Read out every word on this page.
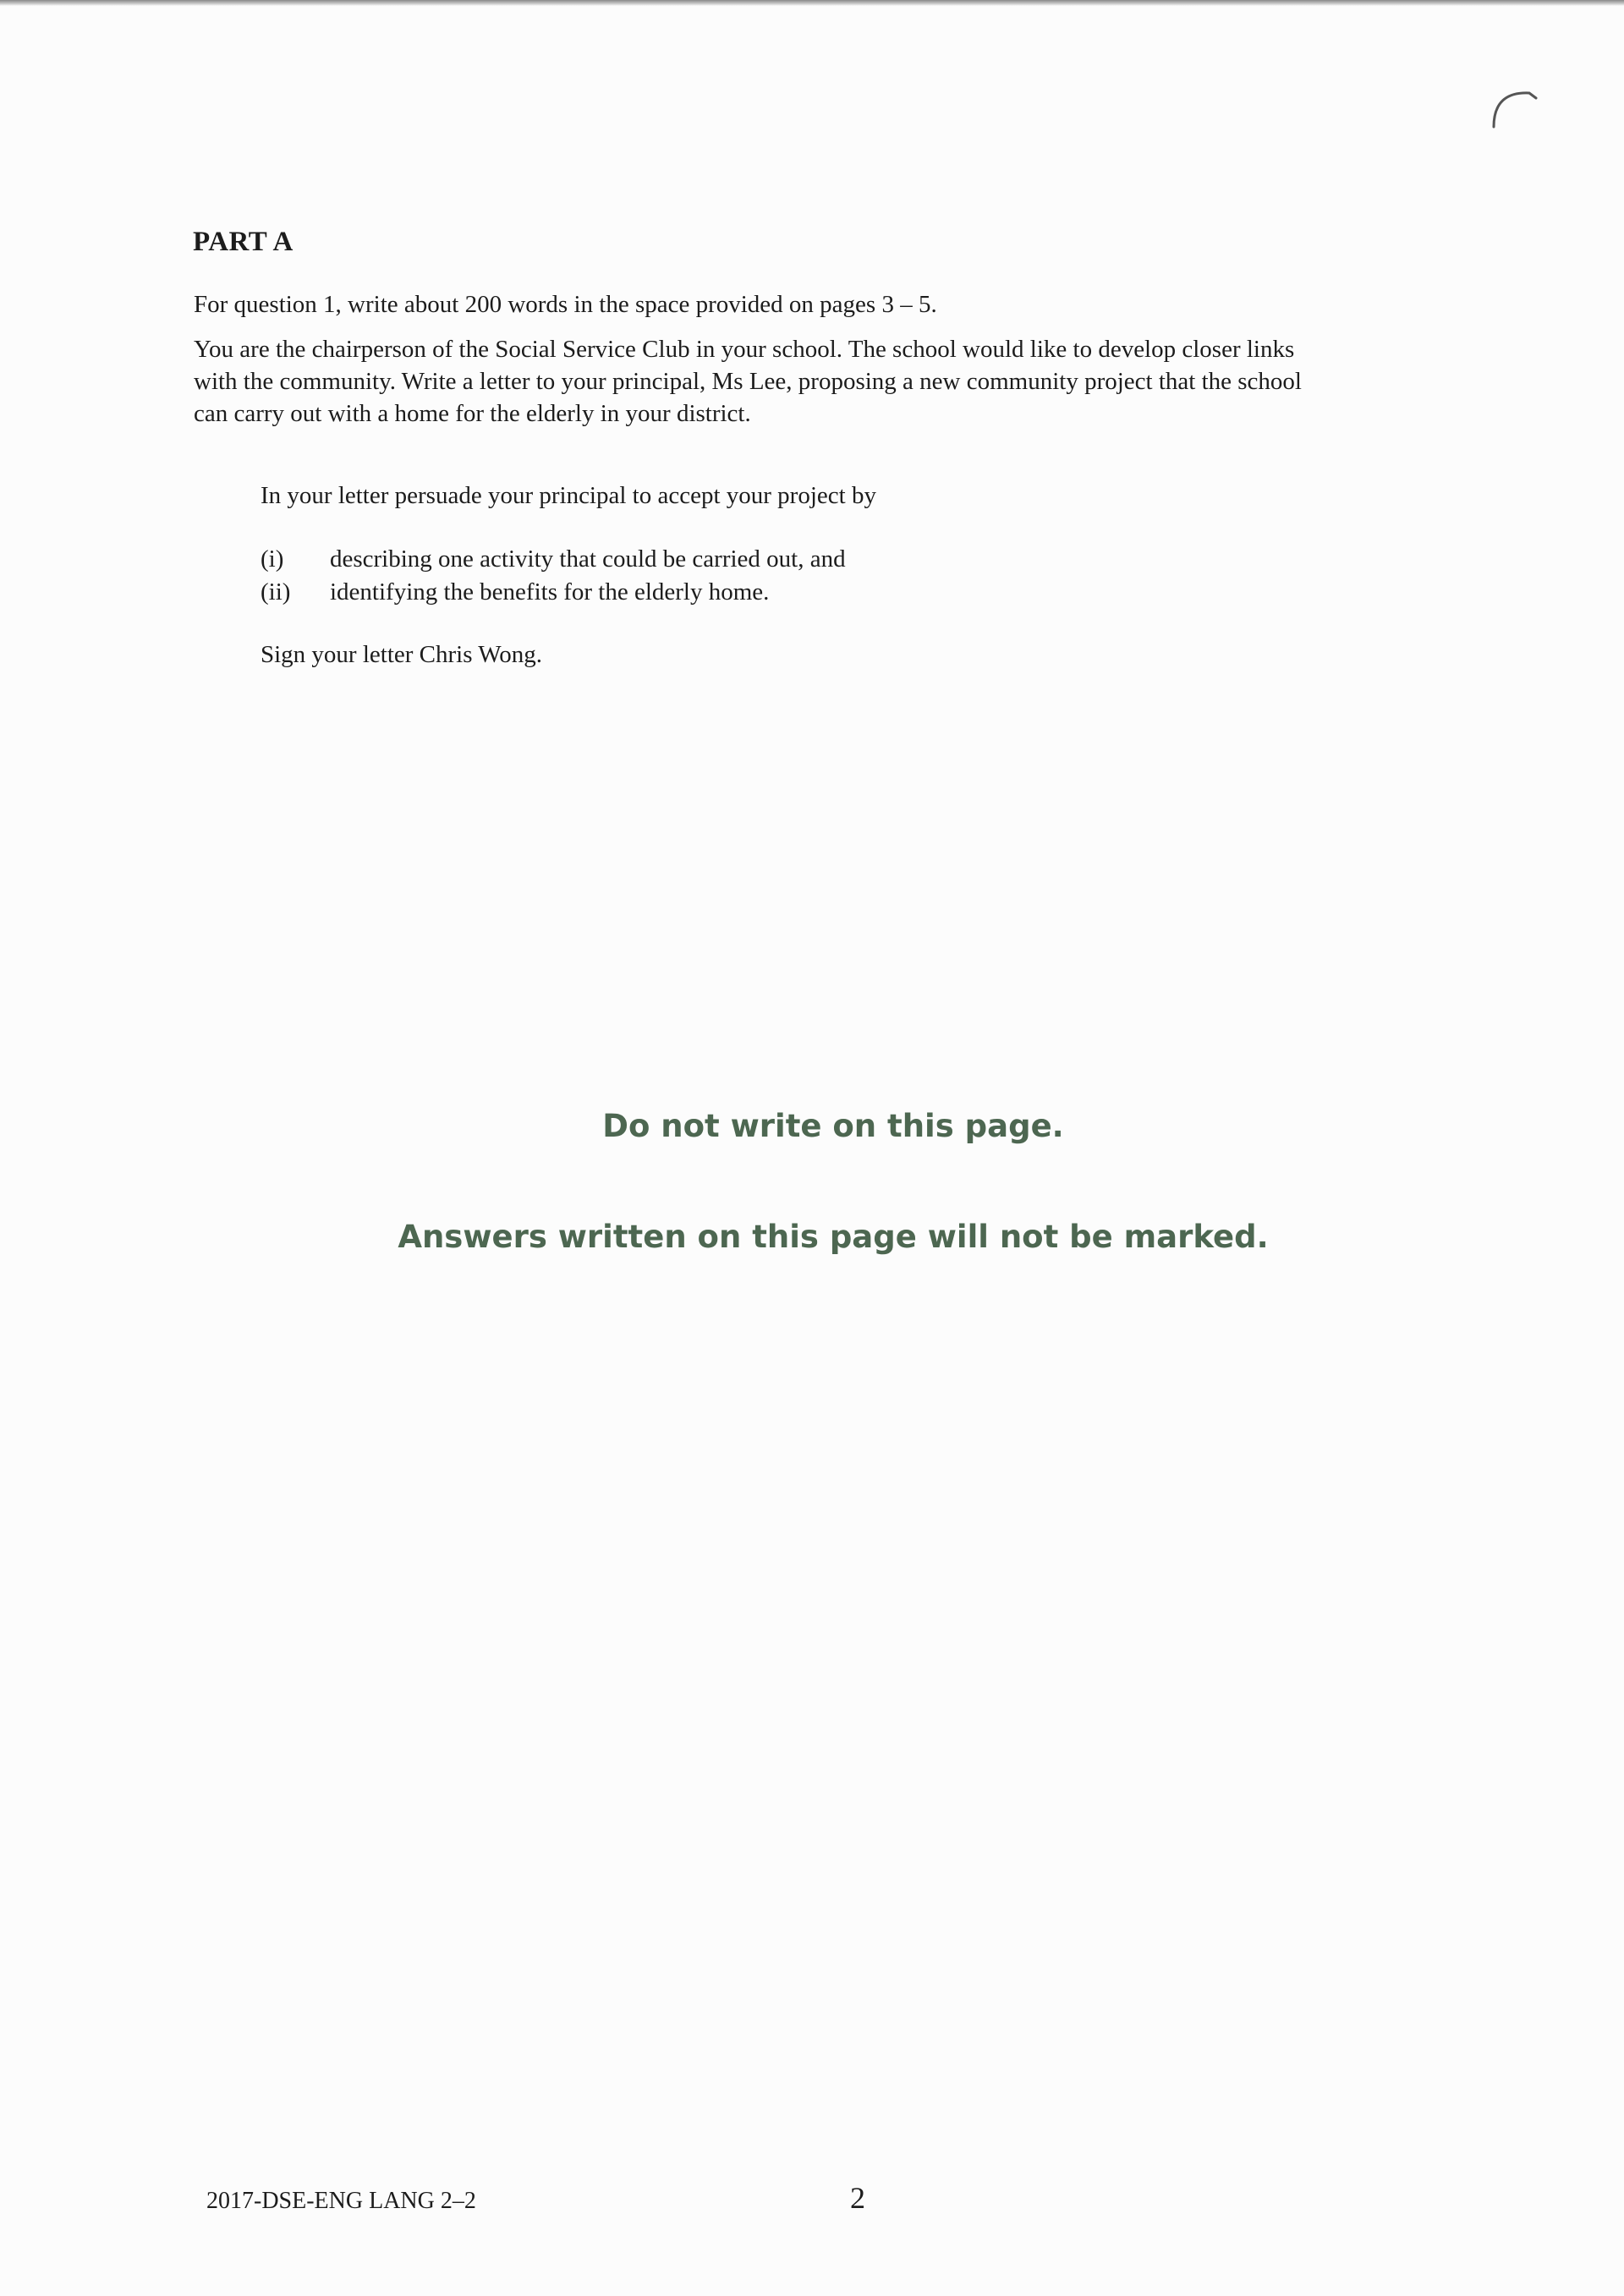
PART A
For question 1, write about 200 words in the space provided on pages 3 – 5.
You are the chairperson of the Social Service Club in your school. The school would like to develop closer links
with the community. Write a letter to your principal, Ms Lee, proposing a new community project that the school
can carry out with a home for the elderly in your district.
In your letter persuade your principal to accept your project by
(i)	describing one activity that could be carried out, and
(ii)	identifying the benefits for the elderly home.
Sign your letter Chris Wong.
Do not write on this page.
Answers written on this page will not be marked.
2017-DSE-ENG LANG 2–2	2
